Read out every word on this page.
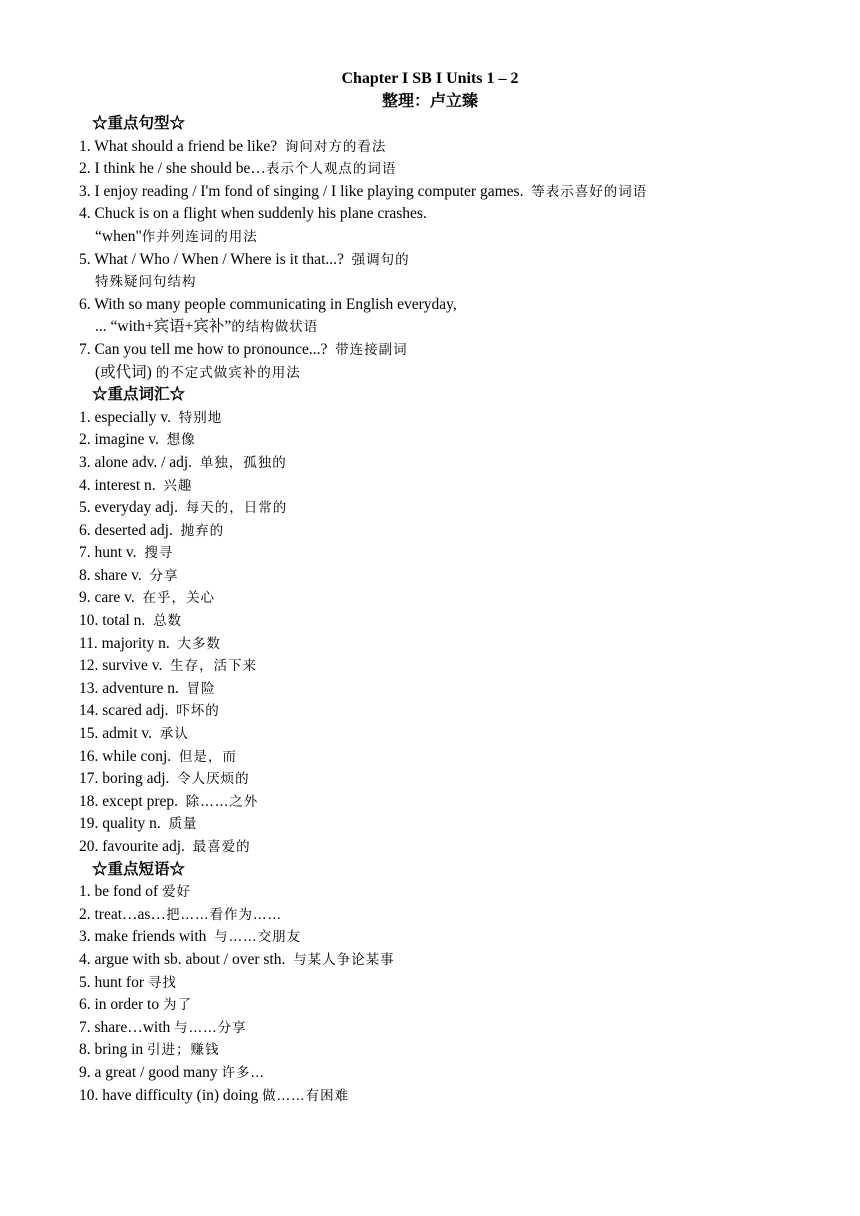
Chapter I SB I Units 1 – 2
整理：卢立臻
☆重点句型☆
1. What should a friend be like?  询问对方的看法
2. I think he / she should be…表示个人观点的词语
3. I enjoy reading / I'm fond of singing / I like playing computer games.  等表示喜好的词语
4. Chuck is on a flight when suddenly his plane crashes.
“when"作并列连词的用法
5. What / Who / When / Where is it that...?  强调句的
特殊疑问句结构
6. With so many people communicating in English everyday,
... “with+宾语+宾补”的结构做状语
7. Can you tell me how to pronounce...?  带连接副词
(或代词) 的不定式做宾补的用法
☆重点词汇☆
1. especially v.  特别地
2. imagine v.  想像
3. alone adv. / adj.  单独，孤独的
4. interest n.  兴趣
5. everyday adj.  每天的，日常的
6. deserted adj.  抛弃的
7. hunt v.  搜寻
8. share v.  分享
9. care v.  在乎，关心
10. total n.  总数
11. majority n.  大多数
12. survive v.  生存，活下来
13. adventure n.  冒险
14. scared adj.  吓坏的
15. admit v.  承认
16. while conj.  但是，而
17. boring adj.  令人厌烦的
18. except prep.  除……之外
19. quality n.  质量
20. favourite adj.  最喜爱的
☆重点短语☆
1. be fond of 爱好
2. treat…as…把……看作为……
3. make friends with  与……交朋友
4. argue with sb. about / over sth.  与某人争论某事
5. hunt for 寻找
6. in order to 为了
7. share…with 与……分享
8. bring in 引进；赚钱
9. a great / good many 许多…
10. have difficulty (in) doing 做……有困难
